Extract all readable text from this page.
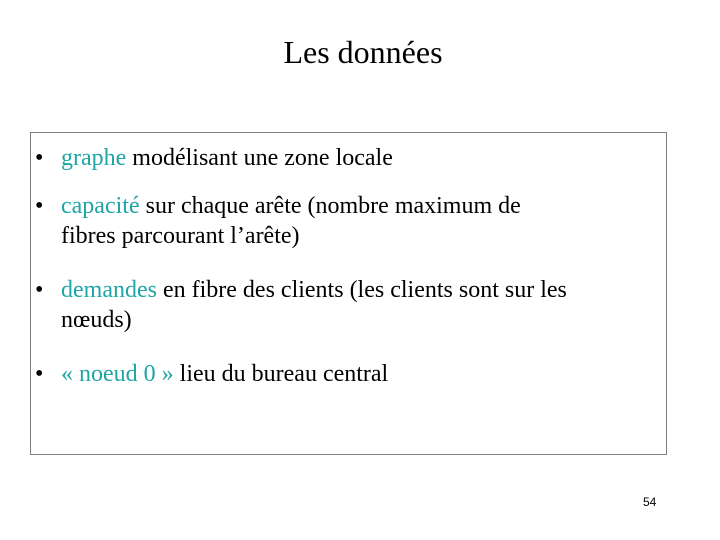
Les données
• graphe modélisant une zone locale
• capacité sur chaque arête (nombre maximum de
fibres parcourant l’arête)
• demandes en fibre des clients (les clients sont sur les
nœuds)
• « noeud 0 » lieu du bureau central
54
